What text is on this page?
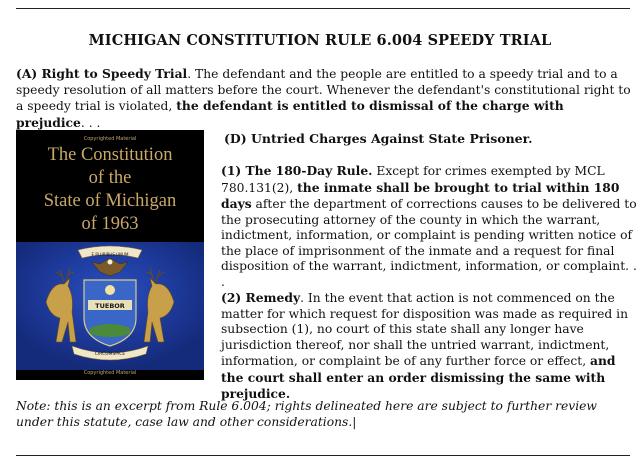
MICHIGAN CONSTITUTION RULE 6.004 SPEEDY TRIAL
(A) Right to Speedy Trial. The defendant and the people are entitled to a speedy trial and to a speedy resolution of all matters before the court. Whenever the defendant's constitutional right to a speedy trial is violated, the defendant is entitled to dismissal of the charge with prejudice. . .
Copyrighted Material
The Constitution
of the
State of Michigan
of 1963
E PLURIBUS UNUM
TUEBOR
CIRCUMSPICE
Copyrighted Material
(D) Untried Charges Against State Prisoner.
(1) The 180-Day Rule. Except for crimes exempted by MCL 780.131(2), the inmate shall be brought to trial within 180 days after the department of corrections causes to be delivered to the prosecuting attorney of the county in which the warrant, indictment, information, or complaint is pending written notice of the place of imprisonment of the inmate and a request for final disposition of the warrant, indictment, information, or complaint. . .
(2) Remedy. In the event that action is not commenced on the matter for which request for disposition was made as required in subsection (1), no court of this state shall any longer have jurisdiction thereof, nor shall the untried warrant, indictment, information, or complaint be of any further force or effect, and the court shall enter an order dismissing the same with prejudice.
Note: this is an excerpt from Rule 6.004; rights delineated here are subject to further review under this statute, case law and other considerations.|
